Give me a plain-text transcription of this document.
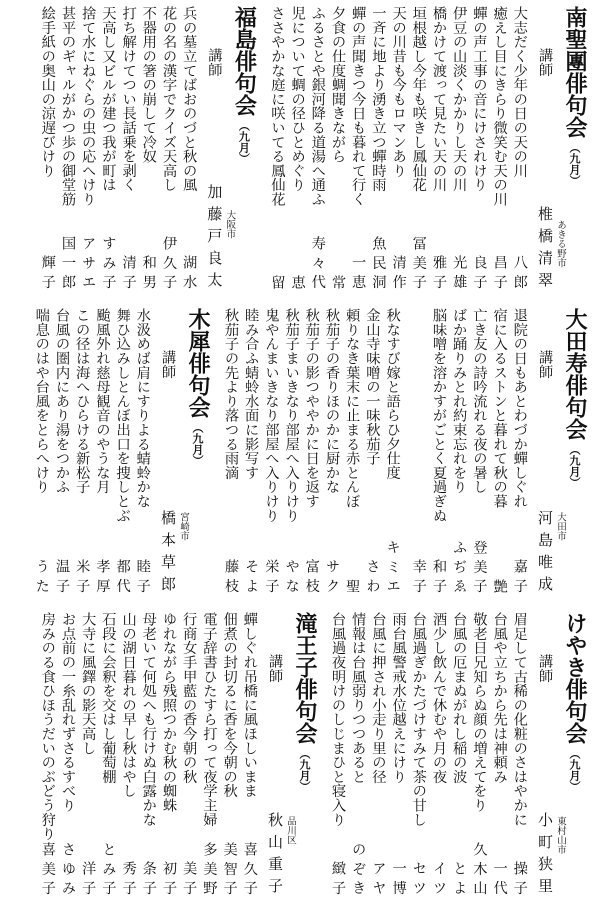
南聖團俳句会（九月）
講師
椎橋清翠 あきる野市
大志だく少年の日の天の川
八郎
癒えし目にきらり微笑む天の川
昌子
蟬の声工事の音にけされけり
良子
伊豆の山淡くかかりし天の川
光雄
橋かけて渡って見たい天の川
雅子
垣根越し今年も咲きし鳳仙花
冨美子
天の川昔も今もロマンあり
清作
一斉に地より湧き立つ蟬時雨
魚民洞
蟬の声聞きつ今日も暮れて行く
一恵
夕食の仕度蜩聞きながら
常
ふるさとや銀河降る道湯へ通ふ
寿々代
児について蜩の径ひとめぐり
恵
ささやかな庭に咲いてる鳳仙花
留
福島俳句会（九月）
講師
加藤戸良太 大阪市
兵の墓立てばおのづと秋の風
湖水
花の名の漢字でクイズ天高し
伊久子
不器用の箸の崩して冷奴
和男
打ち解けてつい長話乗を剥く
清子
天高し又ビルが建つ我が町は
すみ子
捨て水にねぐらの虫の応へけり
アサエ
甚平のギャルがかつ歩の御堂筋
国一郎
絵手紙の奥山の涼遅びけり
輝子
大田寿俳句会（九月）
講師
河島唯成 大田市
退院の日もあとわづか蟬しぐれ
嘉子
宿に入るストンと暮れて秋の暮
艶
亡き友の詩吟流れる夜の暑し
登美子
ばか踊りみとれ約束忘れをり
ふぢゑ
脳味噌を溶かすがごとく夏過ぎぬ
和子
幸子
秋なすび嫁と語らひ夕仕度
キミエ
金山寺味噌の一味秋茄子
さわ
頼りなき葉末に止まる赤とんぼ
聖
秋茄子の香りほのかに厨かな
サク
秋茄子の影つややかに日を返す
富枝
秋茄子まいきなり部屋へ入りけり
やな
鬼やんまいきなり部屋へ入りけり
栄子
睦み合ふ蜻蛉水面に影写す
そよ
秋茄子の先より落つる雨滴
藤枝
木犀俳句会（九月）
講師
橋本草郎 宮崎市
水汲めば肩にすりよる蜻蛉かな
睦子
舞ひ込みしとんぼ出口を捜しとぶ
都代
颱風外れ慈母観音のやうな月
孝厚
この径は海へひらける新松子
米子
台風の圏内にあり湯をつかふ
温子
喘息のはや台風をとらへけり
うた
けやき俳句会（九月）
講師
小町狭里 東村山市
眉足して古稀の化粧のさはやかに
操子
台風や立ちから先は神頼み
一代
敬老日兄知らぬ顔の増えてをり
久木山
台風の厄まぬがれし稲の波
とよ
酒少し飲んで休むや月の夜
イツ
台風過ぎかたづけすみて茶の甘し
セツ
雨台風警戒水位越えにけり
一博
台風に押され小走り里の径
アヤ
情報は台風弱りつつあると
のぞき
台風過夜明けのしじまひと寝入り
緻子
滝王子俳句会（九月）
講師
秋山重子 品川区
蟬しぐれ吊橋に風ほしいまま
喜久子
佃煮の封切るに香を今朝の秋
美智子
電子辞書ひたすら打って夜学主婦
多美野
行商女手甲藍の香今朝の秋
美子
ゆれながら残照つかむ秋の蜘蛛
初子
母老いて何処へも行けぬ白露かな
条子
山の湖日暮れの早し秋はやし
秀子
石段に会釈を交はし葡萄棚
とみ子
大寺に風鐸の影天高し
洋子
お点前の一糸乱れずさるすべり
さゆみ
房みのる食ひほうだいのぶどう狩り
喜美子
